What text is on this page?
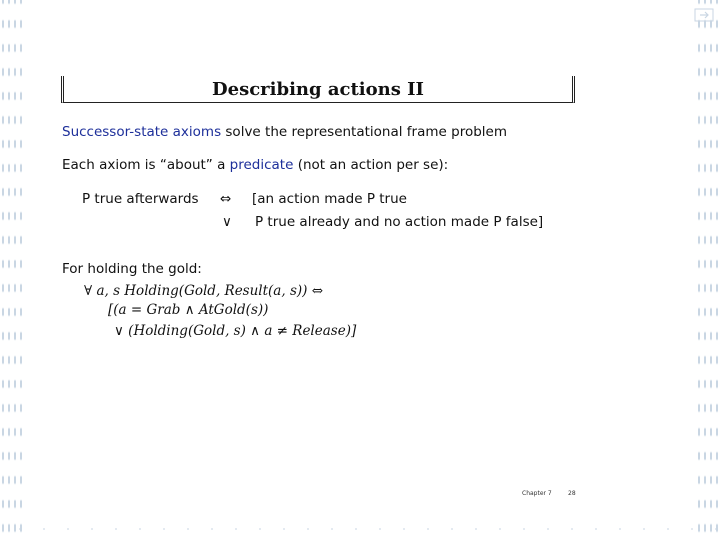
Describing actions II
Successor-state axioms solve the representational frame problem
Each axiom is “about” a predicate (not an action per se):
P true afterwards ⇔ [an action made P true
∨ P true already and no action made P false]
For holding the gold:
∀ a, s Holding(Gold, Result(a, s)) ⇔
[(a = Grab ∧ AtGold(s))
∨ (Holding(Gold, s) ∧ a ≠ Release)]
Chapter 7	28
